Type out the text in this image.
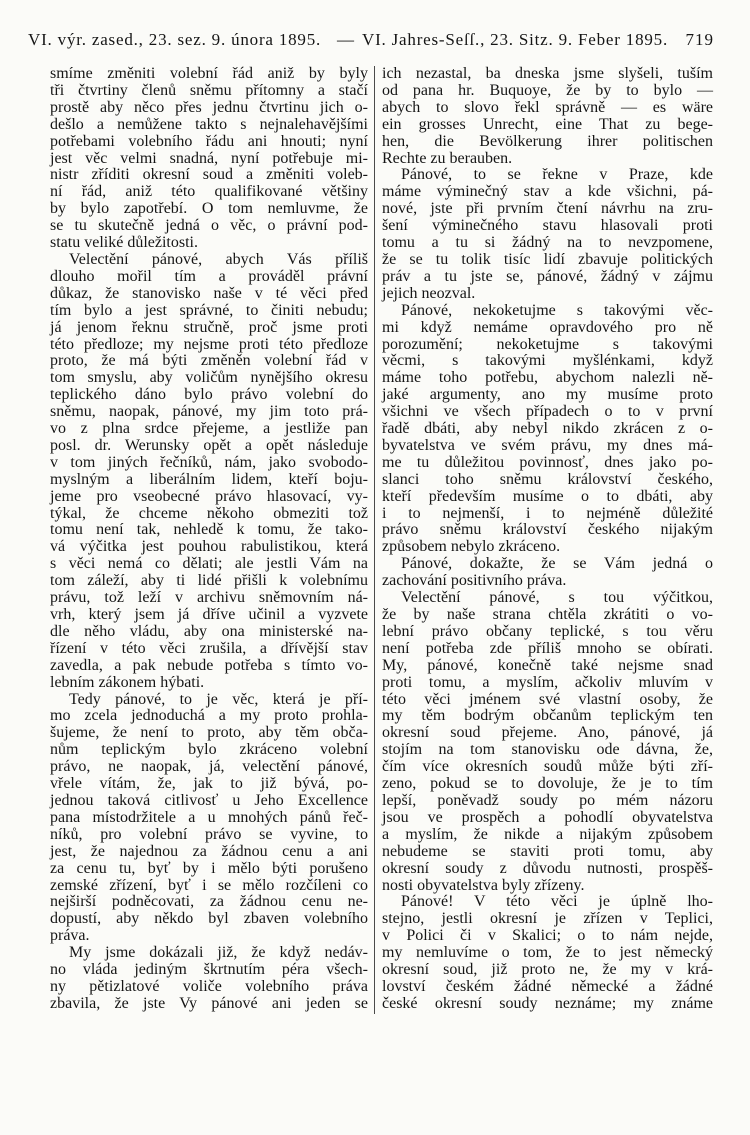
VI. výr. zased., 23. sez. 9. února 1895. — VI. Jahres-Seſſ., 23. Sitz. 9. Feber 1895. 719
smíme změniti volební řád aniž by byly
tři čtvrtiny členů sněmu přítomny a stačí
prostě aby něco přes jednu čtvrtinu jich o-
dešlo a nemůžene takto s nejnalehavějšími
potřebami volebního řádu ani hnouti; nyní
jest věc velmi snadná, nyní potřebuje mi-
nistr zříditi okresní soud a změniti voleb-
ní řád, aniž této qualifikované většiny
by bylo zapotřebí. O tom nemluvme, že
se tu skutečně jedná o věc, o právní pod-
statu veliké důležitosti.
Velectění pánové, abych Vás příliš
dlouho mořil tím a prováděl právní
důkaz, že stanovisko naše v té věci před
tím bylo a jest správné, to činiti nebudu;
já jenom řeknu stručně, proč jsme proti
této předloze; my nejsme proti této předloze
proto, že má býti změněn volební řád v
tom smyslu, aby voličům nynějšího okresu
teplického dáno bylo právo volební do
sněmu, naopak, pánové, my jim toto prá-
vo z plna srdce přejeme, a jestliže pan
posl. dr. Werunsky opět a opět následuje
v tom jiných řečníků, nám, jako svobodo-
myslným a liberálním lidem, kteří boju-
jeme pro vseobecné právo hlasovací, vy-
týkal, že chceme někoho obmeziti tož
tomu není tak, nehledě k tomu, že tako-
vá výčitka jest pouhou rabulistikou, která
s věci nemá co dělati; ale jestli Vám na
tom záleží, aby ti lidé přišli k volebnímu
právu, tož leží v archivu sněmovním ná-
vrh, který jsem já dříve učinil a vyzvete
dle něho vládu, aby ona ministerské na-
řízení v této věci zrušila, a dřívější stav
zavedla, a pak nebude potřeba s tímto vo-
lebním zákonem hýbati.
Tedy pánové, to je věc, která je pří-
mo zcela jednoduchá a my proto prohla-
šujeme, že není to proto, aby těm obča-
nům teplickým bylo zkráceno volební
právo, ne naopak, já, velectění pánové,
vřele vítám, že, jak to již bývá, po-
jednou taková citlivosť u Jeho Excellence
pana místodržitele a u mnohých pánů řeč-
níků, pro volební právo se vyvine, to
jest, že najednou za žádnou cenu a ani
za cenu tu, byť by i mělo býti porušeno
zemské zřízení, byť i se mělo rozčíleni co
nejširší podněcovati, za žádnou cenu ne-
dopustí, aby někdo byl zbaven volebního
práva.
My jsme dokázali již, že když nedáv-
no vláda jediným škrtnutím péra všech-
ny pětizlatové voliče volebního práva
zbavila, že jste Vy pánové ani jeden se
ich nezastal, ba dneska jsme slyšeli, tuším
od pana hr. Buquoye, že by to bylo —
abych to slovo řekl správně — es wäre
ein grosses Unrecht, eine That zu bege-
hen, die Bevölkerung ihrer politischen
Rechte zu berauben.
Pánové, to se řekne v Praze, kde
máme výminečný stav a kde všichni, pá-
nové, jste při prvním čtení návrhu na zru-
šení výminečného stavu hlasovali proti
tomu a tu si žádný na to nevzpomene,
že se tu tolik tisíc lidí zbavuje politických
práv a tu jste se, pánové, žádný v zájmu
jejich neozval.
Pánové, nekoketujme s takovými věc-
mi když nemáme opravdového pro ně
porozumění; nekoketujme s takovými
věcmi, s takovými myšlénkami, když
máme toho potřebu, abychom nalezli ně-
jaké argumenty, ano my musíme proto
všichni ve všech případech o to v první
řadě dbáti, aby nebyl nikdo zkrácen z o-
byvatelstva ve svém právu, my dnes má-
me tu důležitou povinnosť, dnes jako po-
slanci toho sněmu království českého,
kteří především musíme o to dbáti, aby
i to nejmenší, i to nejméně důležité
právo sněmu království českého nijakým
způsobem nebylo zkráceno.
Pánové, dokažte, že se Vám jedná o
zachování positivního práva.
Velectění pánové, s tou výčitkou,
že by naše strana chtěla zkrátiti o vo-
lební právo občany teplické, s tou věru
není potřeba zde příliš mnoho se obírati.
My, pánové, konečně také nejsme snad
proti tomu, a myslím, ačkoliv mluvím v
této věci jménem své vlastní osoby, že
my těm bodrým občanům teplickým ten
okresní soud přejeme. Ano, pánové, já
stojím na tom stanovisku ode dávna, že,
čím více okresních soudů může býti zří-
zeno, pokud se to dovoluje, že je to tím
lepší, poněvadž soudy po mém názoru
jsou ve prospěch a pohodlí obyvatelstva
a myslím, že nikde a nijakým způsobem
nebudeme se staviti proti tomu, aby
okresní soudy z důvodu nutnosti, prospěš-
nosti obyvatelstva byly zřízeny.
Pánové! V této věci je úplně lho-
stejno, jestli okresní je zřízen v Teplici,
v Polici či v Skalici; o to nám nejde,
my nemluvíme o tom, že to jest německý
okresní soud, již proto ne, že my v krá-
lovství českém žádné německé a žádné
české okresní soudy neznáme; my známe
